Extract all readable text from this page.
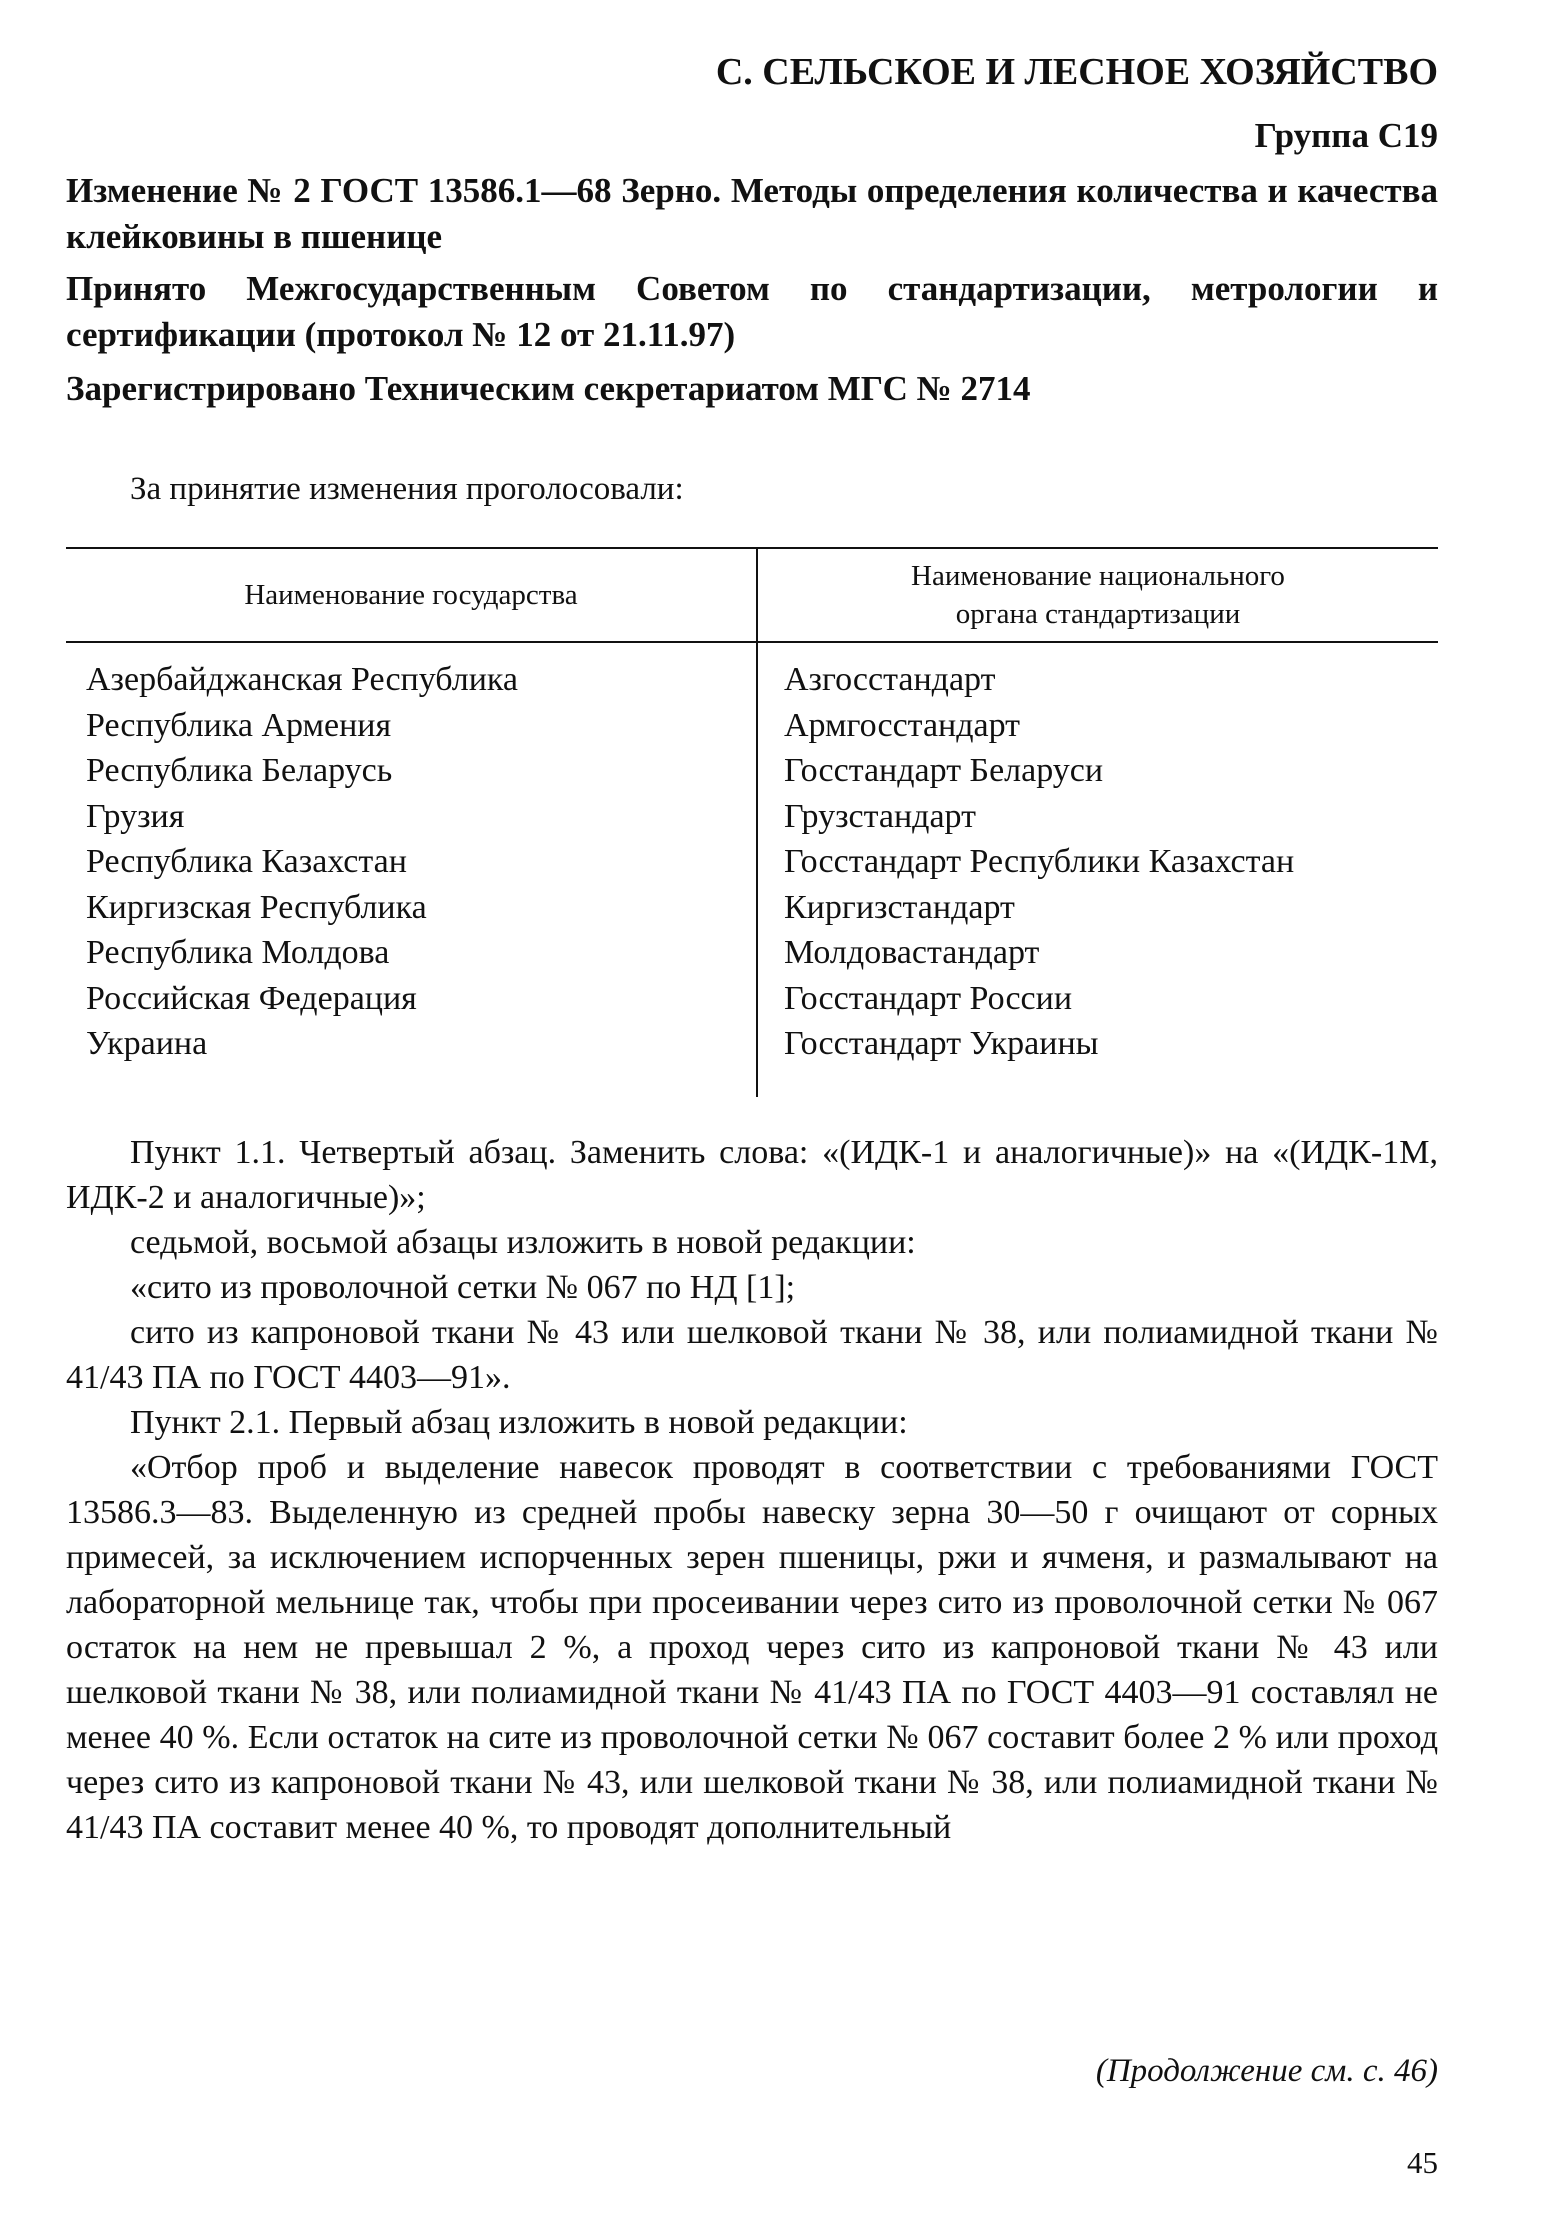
С. СЕЛЬСКОЕ И ЛЕСНОЕ ХОЗЯЙСТВО
Группа С19
Изменение № 2 ГОСТ 13586.1—68 Зерно. Методы определения количества и качества клейковины в пшенице
Принято Межгосударственным Советом по стандартизации, метрологии и сертификации (протокол № 12 от 21.11.97)
Зарегистрировано Техническим секретариатом МГС № 2714
За принятие изменения проголосовали:
Наименование государства
Наименование национального
органа стандартизации
Азербайджанская Республика
Республика Армения
Республика Беларусь
Грузия
Республика Казахстан
Киргизская Республика
Республика Молдова
Российская Федерация
Украина
Азгосстандарт
Армгосстандарт
Госстандарт Беларуси
Грузстандарт
Госстандарт Республики Казахстан
Киргизстандарт
Молдовастандарт
Госстандарт России
Госстандарт Украины

Пункт 1.1. Четвертый абзац. Заменить слова: «(ИДК-1 и аналогичные)» на «(ИДК-1М, ИДК-2 и аналогичные)»;

седьмой, восьмой абзацы изложить в новой редакции:

«сито из проволочной сетки № 067 по НД [1];

сито из капроновой ткани № 43 или шелковой ткани № 38, или полиамидной ткани № 41/43 ПА по ГОСТ 4403—91».

Пункт 2.1. Первый абзац изложить в новой редакции:

«Отбор проб и выделение навесок проводят в соответствии с требованиями ГОСТ 13586.3—83. Выделенную из средней пробы навеску зерна 30—50 г очищают от сорных примесей, за исключением испорченных зерен пшеницы, ржи и ячменя, и размалывают на лабораторной мельнице так, чтобы при просеивании через сито из проволочной сетки № 067 остаток на нем не превышал 2 %, а проход через сито из капроновой ткани № 43 или шелковой ткани № 38, или полиамидной ткани № 41/43 ПА по ГОСТ 4403—91 составлял не менее 40 %. Если остаток на сите из проволочной сетки № 067 составит более 2 % или проход через сито из капроновой ткани № 43, или шелковой ткани № 38, или полиамидной ткани № 41/43 ПА составит менее 40 %, то проводят дополнительный

(Продолжение см. с. 46)
45
